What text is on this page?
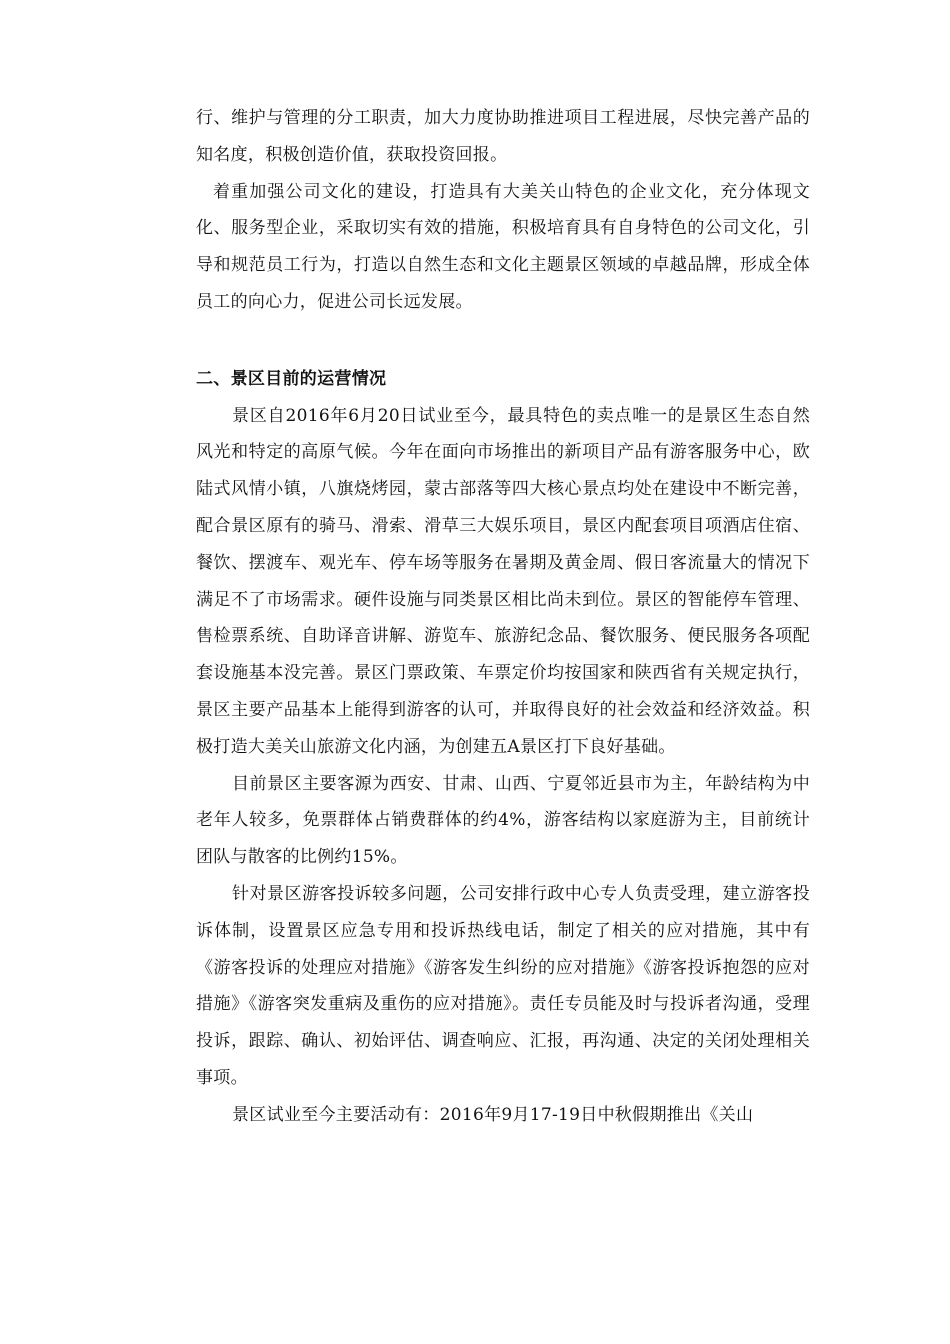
行、维护与管理的分工职责，加大力度协助推进项目工程进展，尽快完善产品的知名度，积极创造价值，获取投资回报。

着重加强公司文化的建设，打造具有大美关山特色的企业文化，充分体现文化、服务型企业，采取切实有效的措施，积极培育具有自身特色的公司文化，引导和规范员工行为，打造以自然生态和文化主题景区领域的卓越品牌，形成全体员工的向心力，促进公司长远发展。

二、景区目前的运营情况

景区自2016年6月20日试业至今，最具特色的卖点唯一的是景区生态自然风光和特定的高原气候。今年在面向市场推出的新项目产品有游客服务中心，欧陆式风情小镇，八旗烧烤园，蒙古部落等四大核心景点均处在建设中不断完善，配合景区原有的骑马、滑索、滑草三大娱乐项目，景区内配套项目项酒店住宿、餐饮、摆渡车、观光车、停车场等服务在暑期及黄金周、假日客流量大的情况下满足不了市场需求。硬件设施与同类景区相比尚未到位。景区的智能停车管理、售检票系统、自助译音讲解、游览车、旅游纪念品、餐饮服务、便民服务各项配套设施基本没完善。景区门票政策、车票定价均按国家和陕西省有关规定执行，景区主要产品基本上能得到游客的认可，并取得良好的社会效益和经济效益。积极打造大美关山旅游文化内涵，为创建五A景区打下良好基础。

目前景区主要客源为西安、甘肃、山西、宁夏邻近县市为主，年龄结构为中老年人较多，免票群体占销费群体的约4%，游客结构以家庭游为主，目前统计团队与散客的比例约15%。

针对景区游客投诉较多问题，公司安排行政中心专人负责受理，建立游客投诉体制，设置景区应急专用和投诉热线电话，制定了相关的应对措施，其中有《游客投诉的处理应对措施》《游客发生纠纷的应对措施》《游客投诉抱怨的应对措施》《游客突发重病及重伤的应对措施》。责任专员能及时与投诉者沟通，受理投诉，跟踪、确认、初始评估、调查响应、汇报，再沟通、决定的关闭处理相关事项。

景区试业至今主要活动有：2016年9月17-19日中秋假期推出《关山
